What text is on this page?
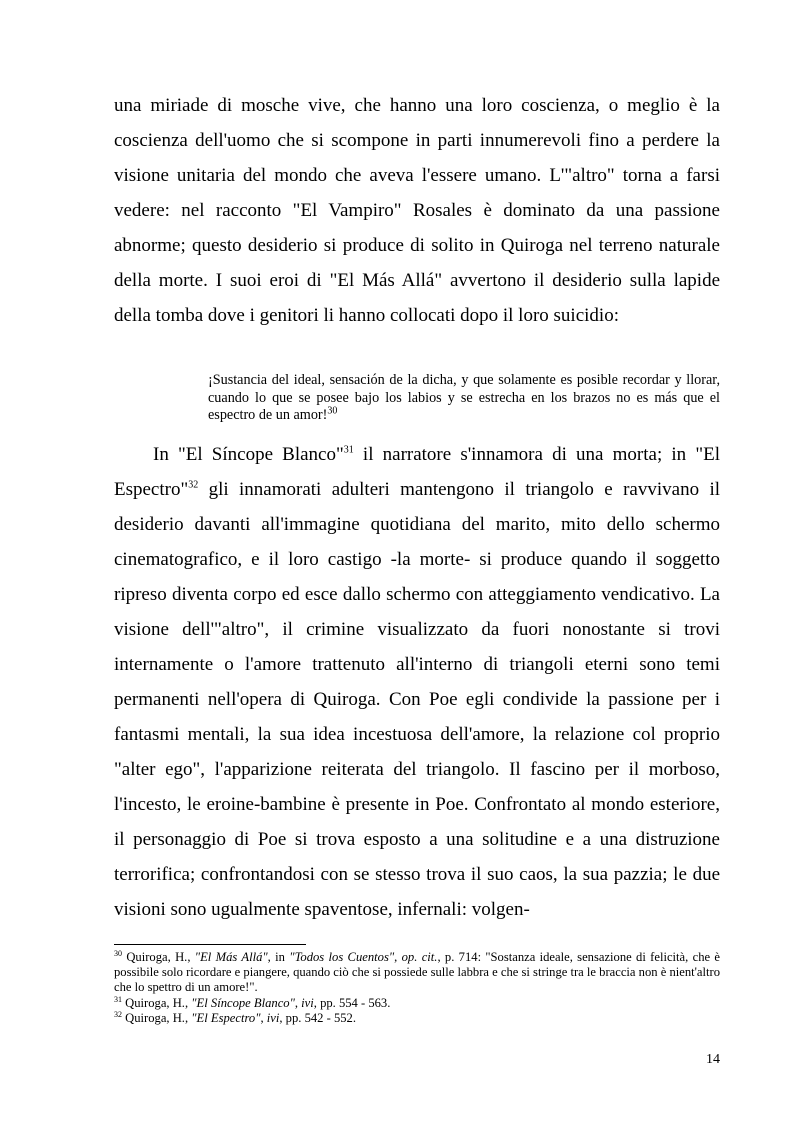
una miriade di mosche vive, che hanno una loro coscienza, o meglio è la coscienza dell'uomo che si scompone in parti innumerevoli fino a perdere la visione unitaria del mondo che aveva l'essere umano. L'"altro" torna a farsi vedere: nel racconto "El Vampiro" Rosales è dominato da una passione abnorme; questo desiderio si produce di solito in Quiroga nel terreno naturale della morte. I suoi eroi di "El Más Allá" avvertono il desiderio sulla lapide della tomba dove i genitori li hanno collocati dopo il loro suicidio:

¡Sustancia del ideal, sensación de la dicha, y que solamente es posible recordar y llorar, cuando lo que se posee bajo los labios y se estrecha en los brazos no es más que el espectro de un amor!$^{30}$

In "El Síncope Blanco"$^{31}$ il narratore s'innamora di una morta; in "El Espectro"$^{32}$ gli innamorati adulteri mantengono il triangolo e ravvivano il desiderio davanti all'immagine quotidiana del marito, mito dello schermo cinematografico, e il loro castigo -la morte- si produce quando il soggetto ripreso diventa corpo ed esce dallo schermo con atteggiamento vendicativo. La visione dell'"altro", il crimine visualizzato da fuori nonostante si trovi internamente o l'amore trattenuto all'interno di triangoli eterni sono temi permanenti nell'opera di Quiroga. Con Poe egli condivide la passione per i fantasmi mentali, la sua idea incestuosa dell'amore, la relazione col proprio "alter ego", l'apparizione reiterata del triangolo. Il fascino per il morboso, l'incesto, le eroine-bambine è presente in Poe. Confrontato al mondo esteriore, il personaggio di Poe si trova esposto a una solitudine e a una distruzione terrorifica; confrontandosi con se stesso trova il suo caos, la sua pazzia; le due visioni sono ugualmente spaventose, infernali: volgen-

$^{30}$ Quiroga, H., "El Más Allá", in "Todos los Cuentos", op. cit., p. 714: "Sostanza ideale, sensazione di felicità, che è possibile solo ricordare e piangere, quando ciò che si possiede sulle labbra e che si stringe tra le braccia non è nient'altro che lo spettro di un amore!".

$^{31}$ Quiroga, H., "El Síncope Blanco", ivi, pp. 554 - 563.

$^{32}$ Quiroga, H., "El Espectro", ivi, pp. 542 - 552.

14
